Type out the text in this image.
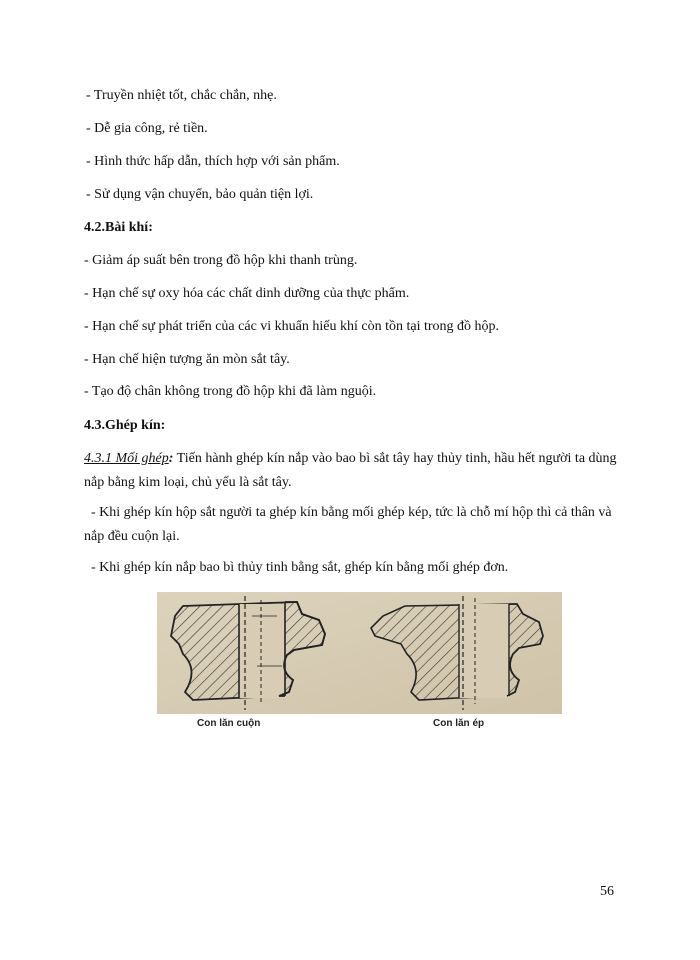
- Truyền nhiệt tốt, chắc chắn, nhẹ.
- Dễ gia công, rẻ tiền.
- Hình thức hấp dẫn, thích hợp với sản phẩm.
- Sử dụng vận chuyển, bảo quản tiện lợi.
4.2.Bài khí:
- Giảm áp suất bên trong đồ hộp khi thanh trùng.
- Hạn chế sự oxy hóa các chất dinh dưỡng của thực phẩm.
- Hạn chế sự phát triển của các vi khuẩn hiếu khí còn tồn tại trong đồ hộp.
- Hạn chế hiện tượng ăn mòn sắt tây.
- Tạo độ chân không trong đồ hộp khi đã làm nguội.
4.3.Ghép kín:
4.3.1 Mối ghép: Tiến hành ghép kín nắp vào bao bì sắt tây hay thủy tinh, hầu hết người ta dùng nắp bằng kim loại, chủ yếu là sắt tây.
- Khi ghép kín hộp sắt người ta ghép kín bằng mối ghép kép, tức là chỗ mí hộp thì cả thân và nắp đều cuộn lại.
- Khi ghép kín nắp bao bì thủy tinh bằng sắt, ghép kín bằng mối ghép đơn.
Con lăn cuộn	Con lăn ép
56
